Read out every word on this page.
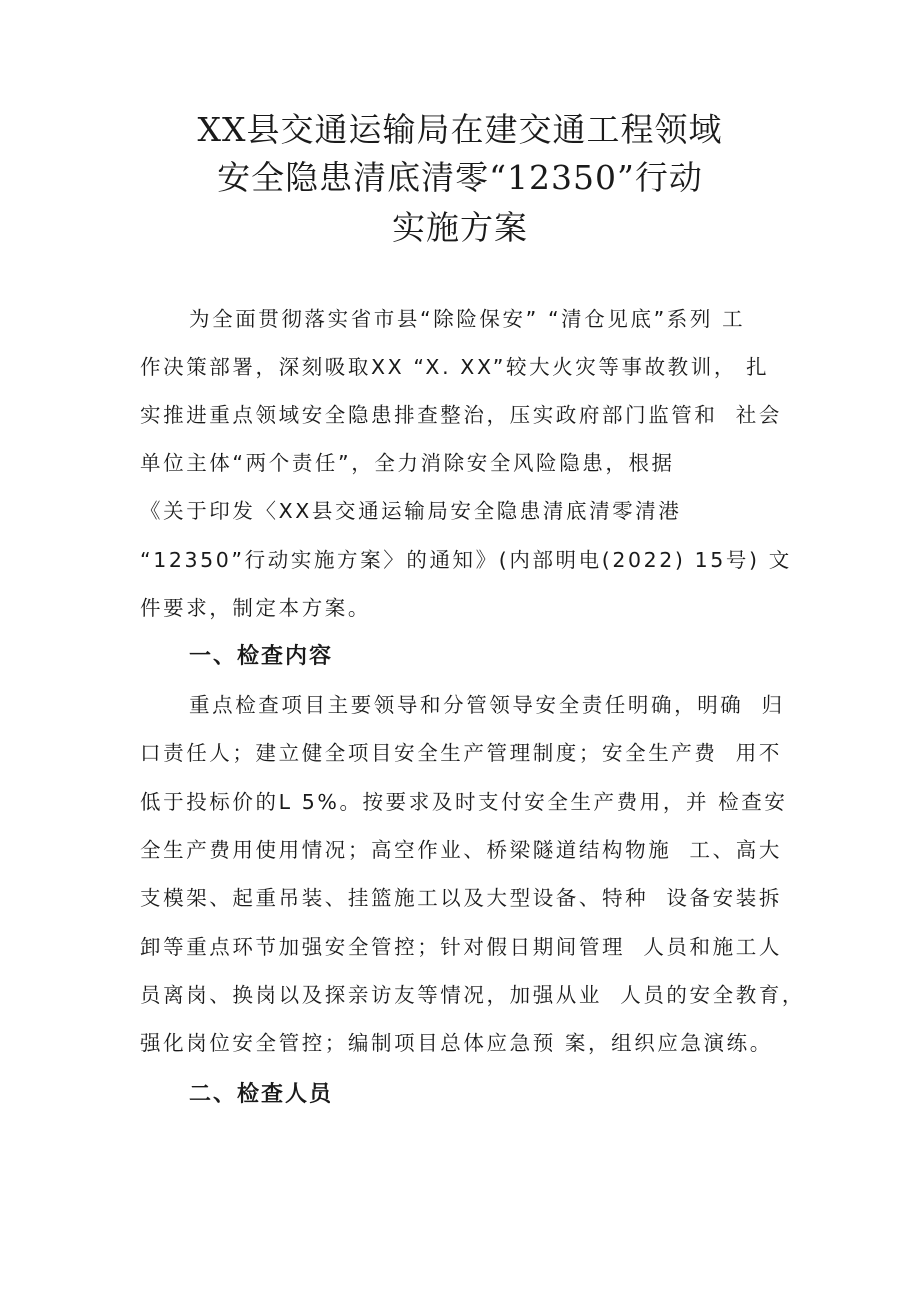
XX县交通运输局在建交通工程领域
安全隐患清底清零“12350”行动
实施方案
为全面贯彻落实省市县“除险保安” “清仓见底”系列 工
作决策部署，深刻吸取XX “X. XX”较大火灾等事故教训， 扎
实推进重点领域安全隐患排查整治，压实政府部门监管和  社会
单位主体“两个责任”，全力消除安全风险隐患，根据
《关于印发〈XX县交通运输局安全隐患清底清零清港
“12350”行动实施方案〉的通知》(内部明电(2022) 15号) 文
件要求，制定本方案。
一、检查内容
重点检查项目主要领导和分管领导安全责任明确，明确  归
口责任人；建立健全项目安全生产管理制度；安全生产费  用不
低于投标价的L 5%。按要求及时支付安全生产费用，并 检查安
全生产费用使用情况；高空作业、桥梁隧道结构物施  工、高大
支模架、起重吊装、挂篮施工以及大型设备、特种  设备安装拆
卸等重点环节加强安全管控；针对假日期间管理  人员和施工人
员离岗、换岗以及探亲访友等情况，加强从业  人员的安全教育，
强化岗位安全管控；编制项目总体应急预 案，组织应急演练。
二、检查人员
